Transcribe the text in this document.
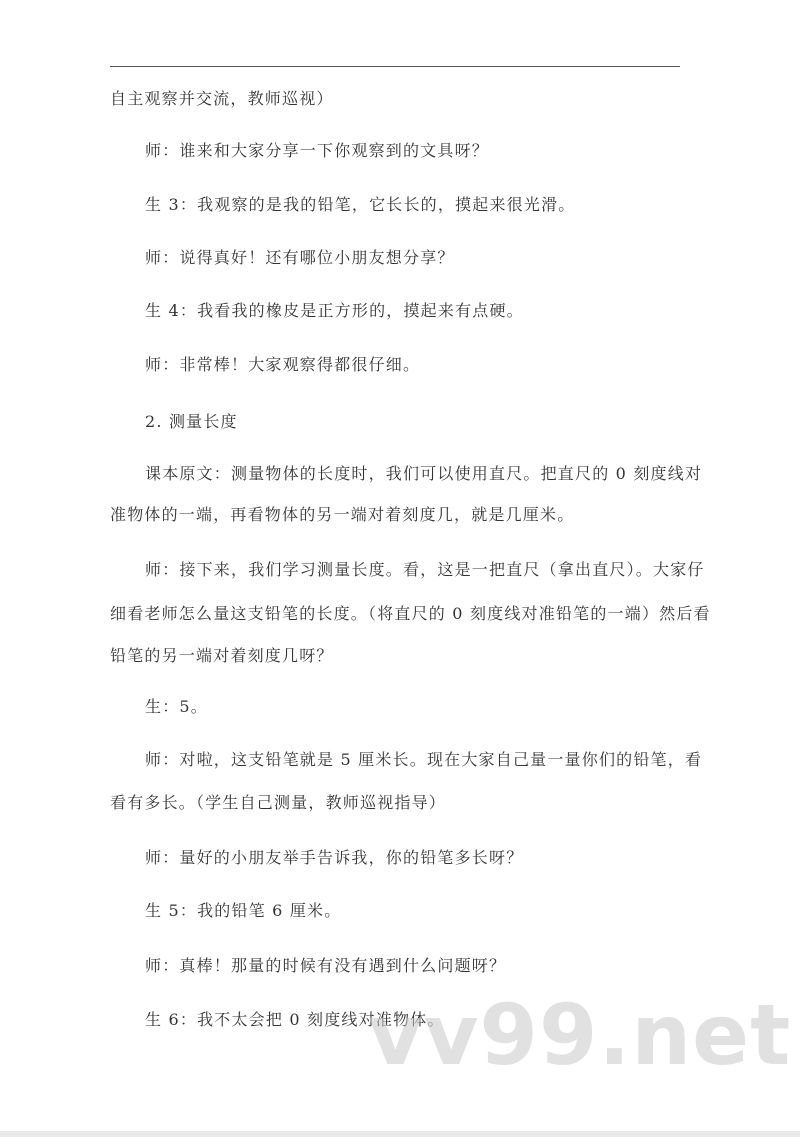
自主观察并交流，教师巡视）
师：谁来和大家分享一下你观察到的文具呀？
生 3：我观察的是我的铅笔，它长长的，摸起来很光滑。
师：说得真好！还有哪位小朋友想分享？
生 4：我看我的橡皮是正方形的，摸起来有点硬。
师：非常棒！大家观察得都很仔细。
2. 测量长度
课本原文：测量物体的长度时，我们可以使用直尺。把直尺的 0 刻度线对
准物体的一端，再看物体的另一端对着刻度几，就是几厘米。
师：接下来，我们学习测量长度。看，这是一把直尺（拿出直尺）。大家仔
细看老师怎么量这支铅笔的长度。（将直尺的 0 刻度线对准铅笔的一端）然后看
铅笔的另一端对着刻度几呀？
生：5。
师：对啦，这支铅笔就是 5 厘米长。现在大家自己量一量你们的铅笔，看
看有多长。（学生自己测量，教师巡视指导）
师：量好的小朋友举手告诉我，你的铅笔多长呀？
生 5：我的铅笔 6 厘米。
师：真棒！那量的时候有没有遇到什么问题呀？
生 6：我不太会把 0 刻度线对准物体。
vv99.net
